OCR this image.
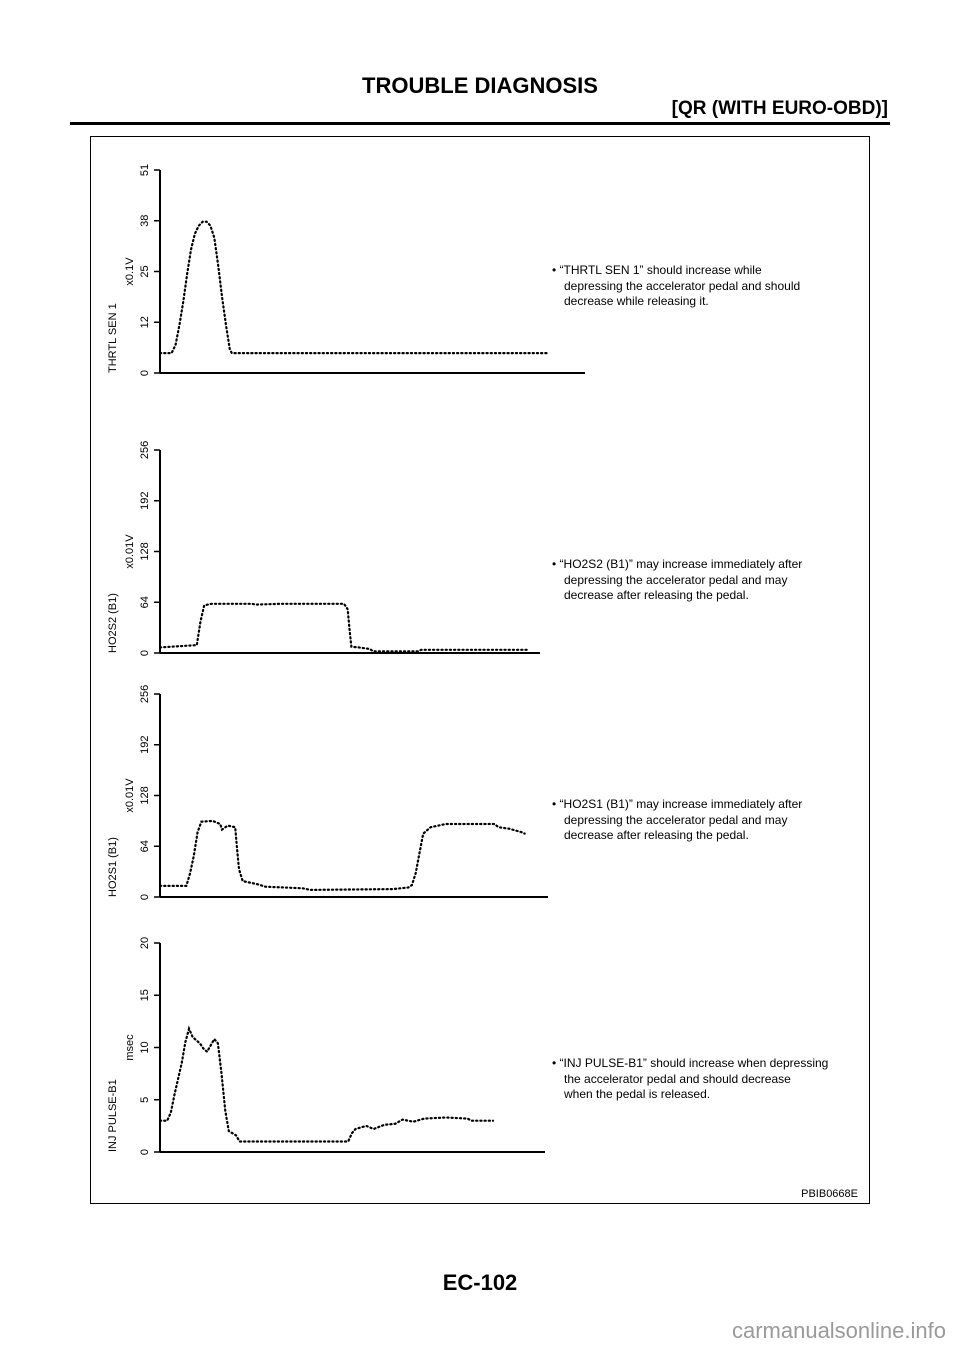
TROUBLE DIAGNOSIS
[QR (WITH EURO-OBD)]
0
12
25
38
51
THRTL SEN 1
x0.1V
0
64
128
192
256
HO2S2 (B1)
x0.01V
0
64
128
192
256
HO2S1 (B1)
x0.01V
0
5
10
15
20
INJ PULSE-B1
msec
• “THRTL SEN 1” should increase while
depressing the accelerator pedal and should
decrease while releasing it.
• “HO2S2 (B1)” may increase immediately after
depressing the accelerator pedal and may
decrease after releasing the pedal.
• “HO2S1 (B1)” may increase immediately after
depressing the accelerator pedal and may
decrease after releasing the pedal.
• “INJ PULSE-B1” should increase when depressing
the accelerator pedal and should decrease
when the pedal is released.
PBIB0668E
EC-102
carmanualsonline.info
